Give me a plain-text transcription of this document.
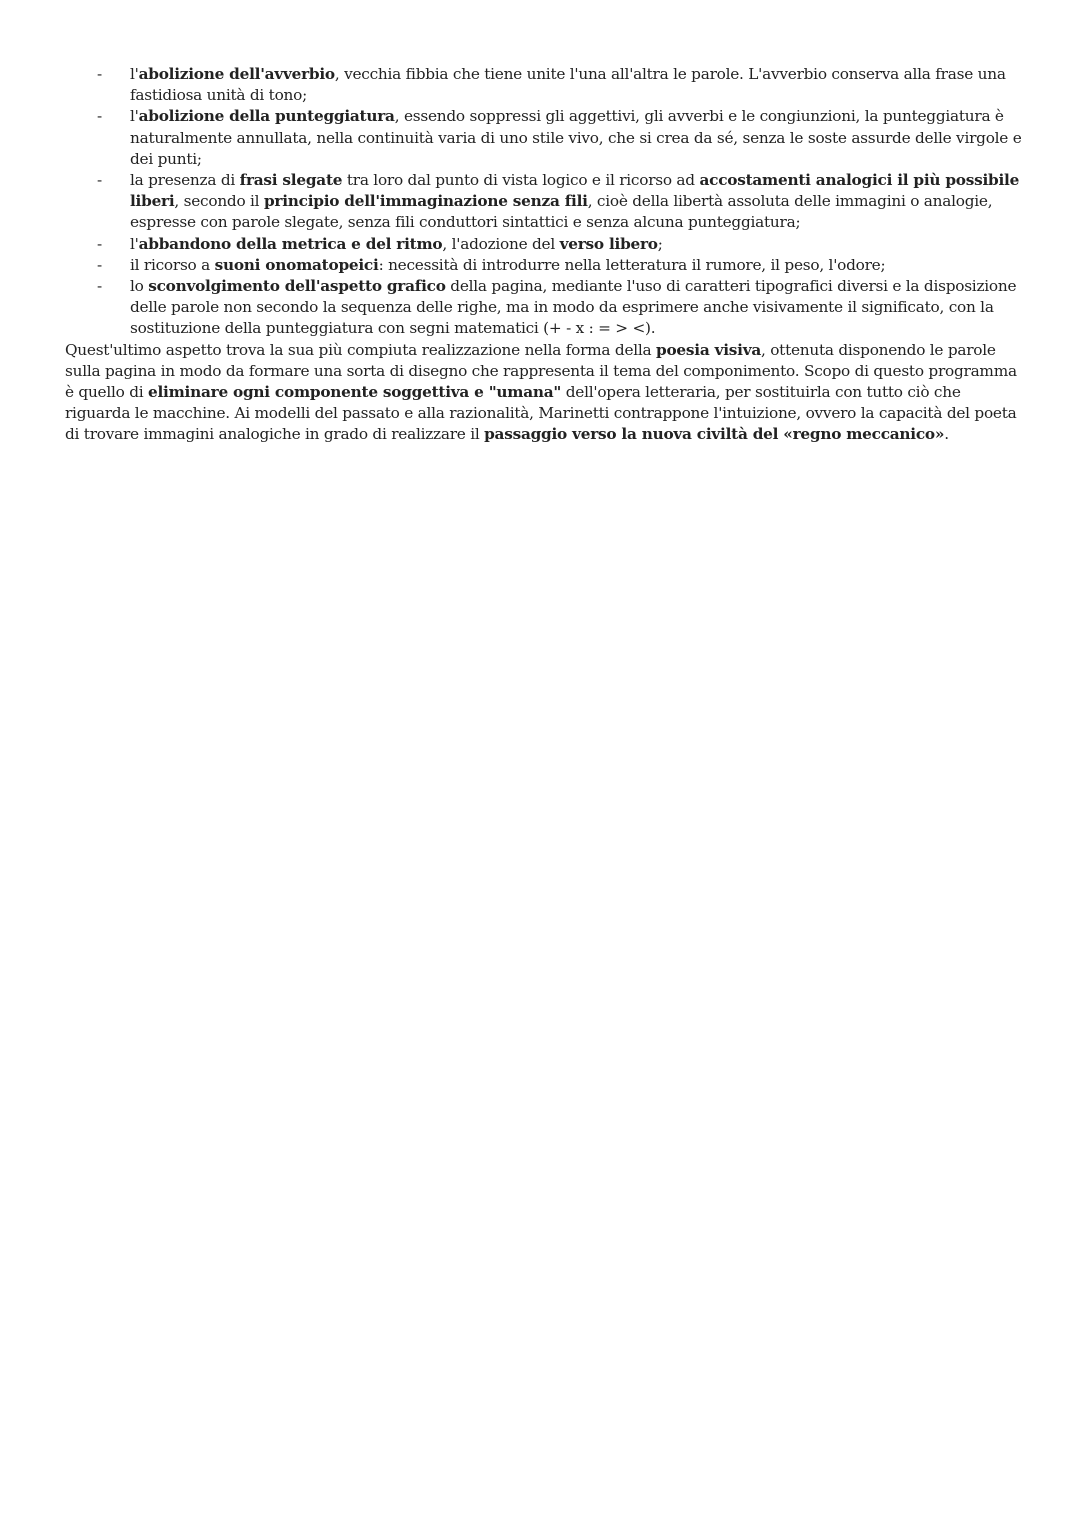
- l'abolizione dell'avverbio, vecchia fibbia che tiene unite l'una all'altra le parole. L'avverbio conserva alla frase una fastidiosa unità di tono;
- l'abolizione della punteggiatura, essendo soppressi gli aggettivi, gli avverbi e le congiunzioni, la punteggiatura è naturalmente annullata, nella continuità varia di uno stile vivo, che si crea da sé, senza le soste assurde delle virgole e dei punti;
- la presenza di frasi slegate tra loro dal punto di vista logico e il ricorso ad accostamenti analogici il più possibile liberi, secondo il principio dell'immaginazione senza fili, cioè della libertà assoluta delle immagini o analogie, espresse con parole slegate, senza fili conduttori sintattici e senza alcuna punteggiatura;
- l'abbandono della metrica e del ritmo, l'adozione del verso libero;
- il ricorso a suoni onomatopeici: necessità di introdurre nella letteratura il rumore, il peso, l'odore;
- lo sconvolgimento dell'aspetto grafico della pagina, mediante l'uso di caratteri tipografici diversi e la disposizione delle parole non secondo la sequenza delle righe, ma in modo da esprimere anche visivamente il significato, con la sostituzione della punteggiatura con segni matematici (+ - x : = > <).

Quest'ultimo aspetto trova la sua più compiuta realizzazione nella forma della poesia visiva, ottenuta disponendo le parole sulla pagina in modo da formare una sorta di disegno che rappresenta il tema del componimento. Scopo di questo programma è quello di eliminare ogni componente soggettiva e "umana" dell'opera letteraria, per sostituirla con tutto ciò che riguarda le macchine. Ai modelli del passato e alla razionalità, Marinetti contrappone l'intuizione, ovvero la capacità del poeta di trovare immagini analogiche in grado di realizzare il passaggio verso la nuova civiltà del «regno meccanico».
